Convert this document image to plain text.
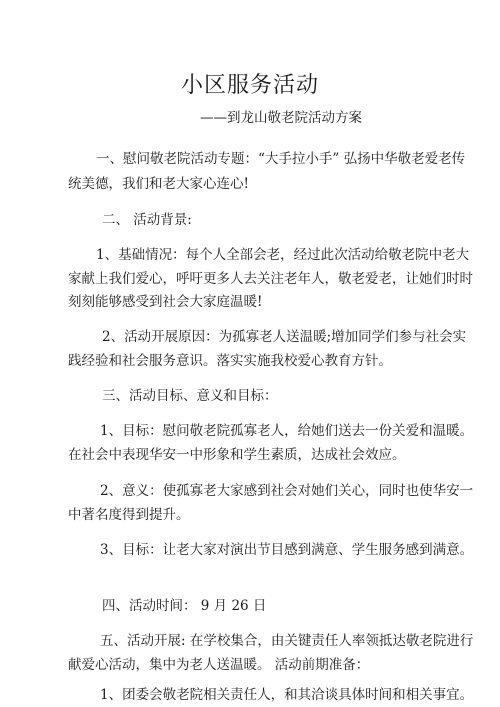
小区服务活动
——到龙山敬老院活动方案
一、慰问敬老院活动专题：“大手拉小手” 弘扬中华敬老爱老传
统美德，我们和老大家心连心!
二、 活动背景:
1、基础情况：每个人全部会老，经过此次活动给敬老院中老大
家献上我们爱心，呼吁更多人去关注老年人，敬老爱老，让她们时时
刻刻能够感受到社会大家庭温暖!
2、活动开展原因：为孤寡老人送温暖;增加同学们参与社会实
践经验和社会服务意识。落实实施我校爱心教育方针。
三、活动目标、意义和目标：
1、目标：慰问敬老院孤寡老人，给她们送去一份关爱和温暖。
在社会中表现华安一中形象和学生素质，达成社会效应。
2、意义：使孤寡老大家感到社会对她们关心，同时也使华安一
中著名度得到提升。
3、目标：让老大家对演出节目感到满意、学生服务感到满意。
四、活动时间： 9 月 26 日
五、活动开展: 在学校集合，由关键责任人率领抵达敬老院进行
献爱心活动，集中为老人送温暖。 活动前期准备：
1、团委会敬老院相关责任人，和其洽谈具体时间和相关事宜。
